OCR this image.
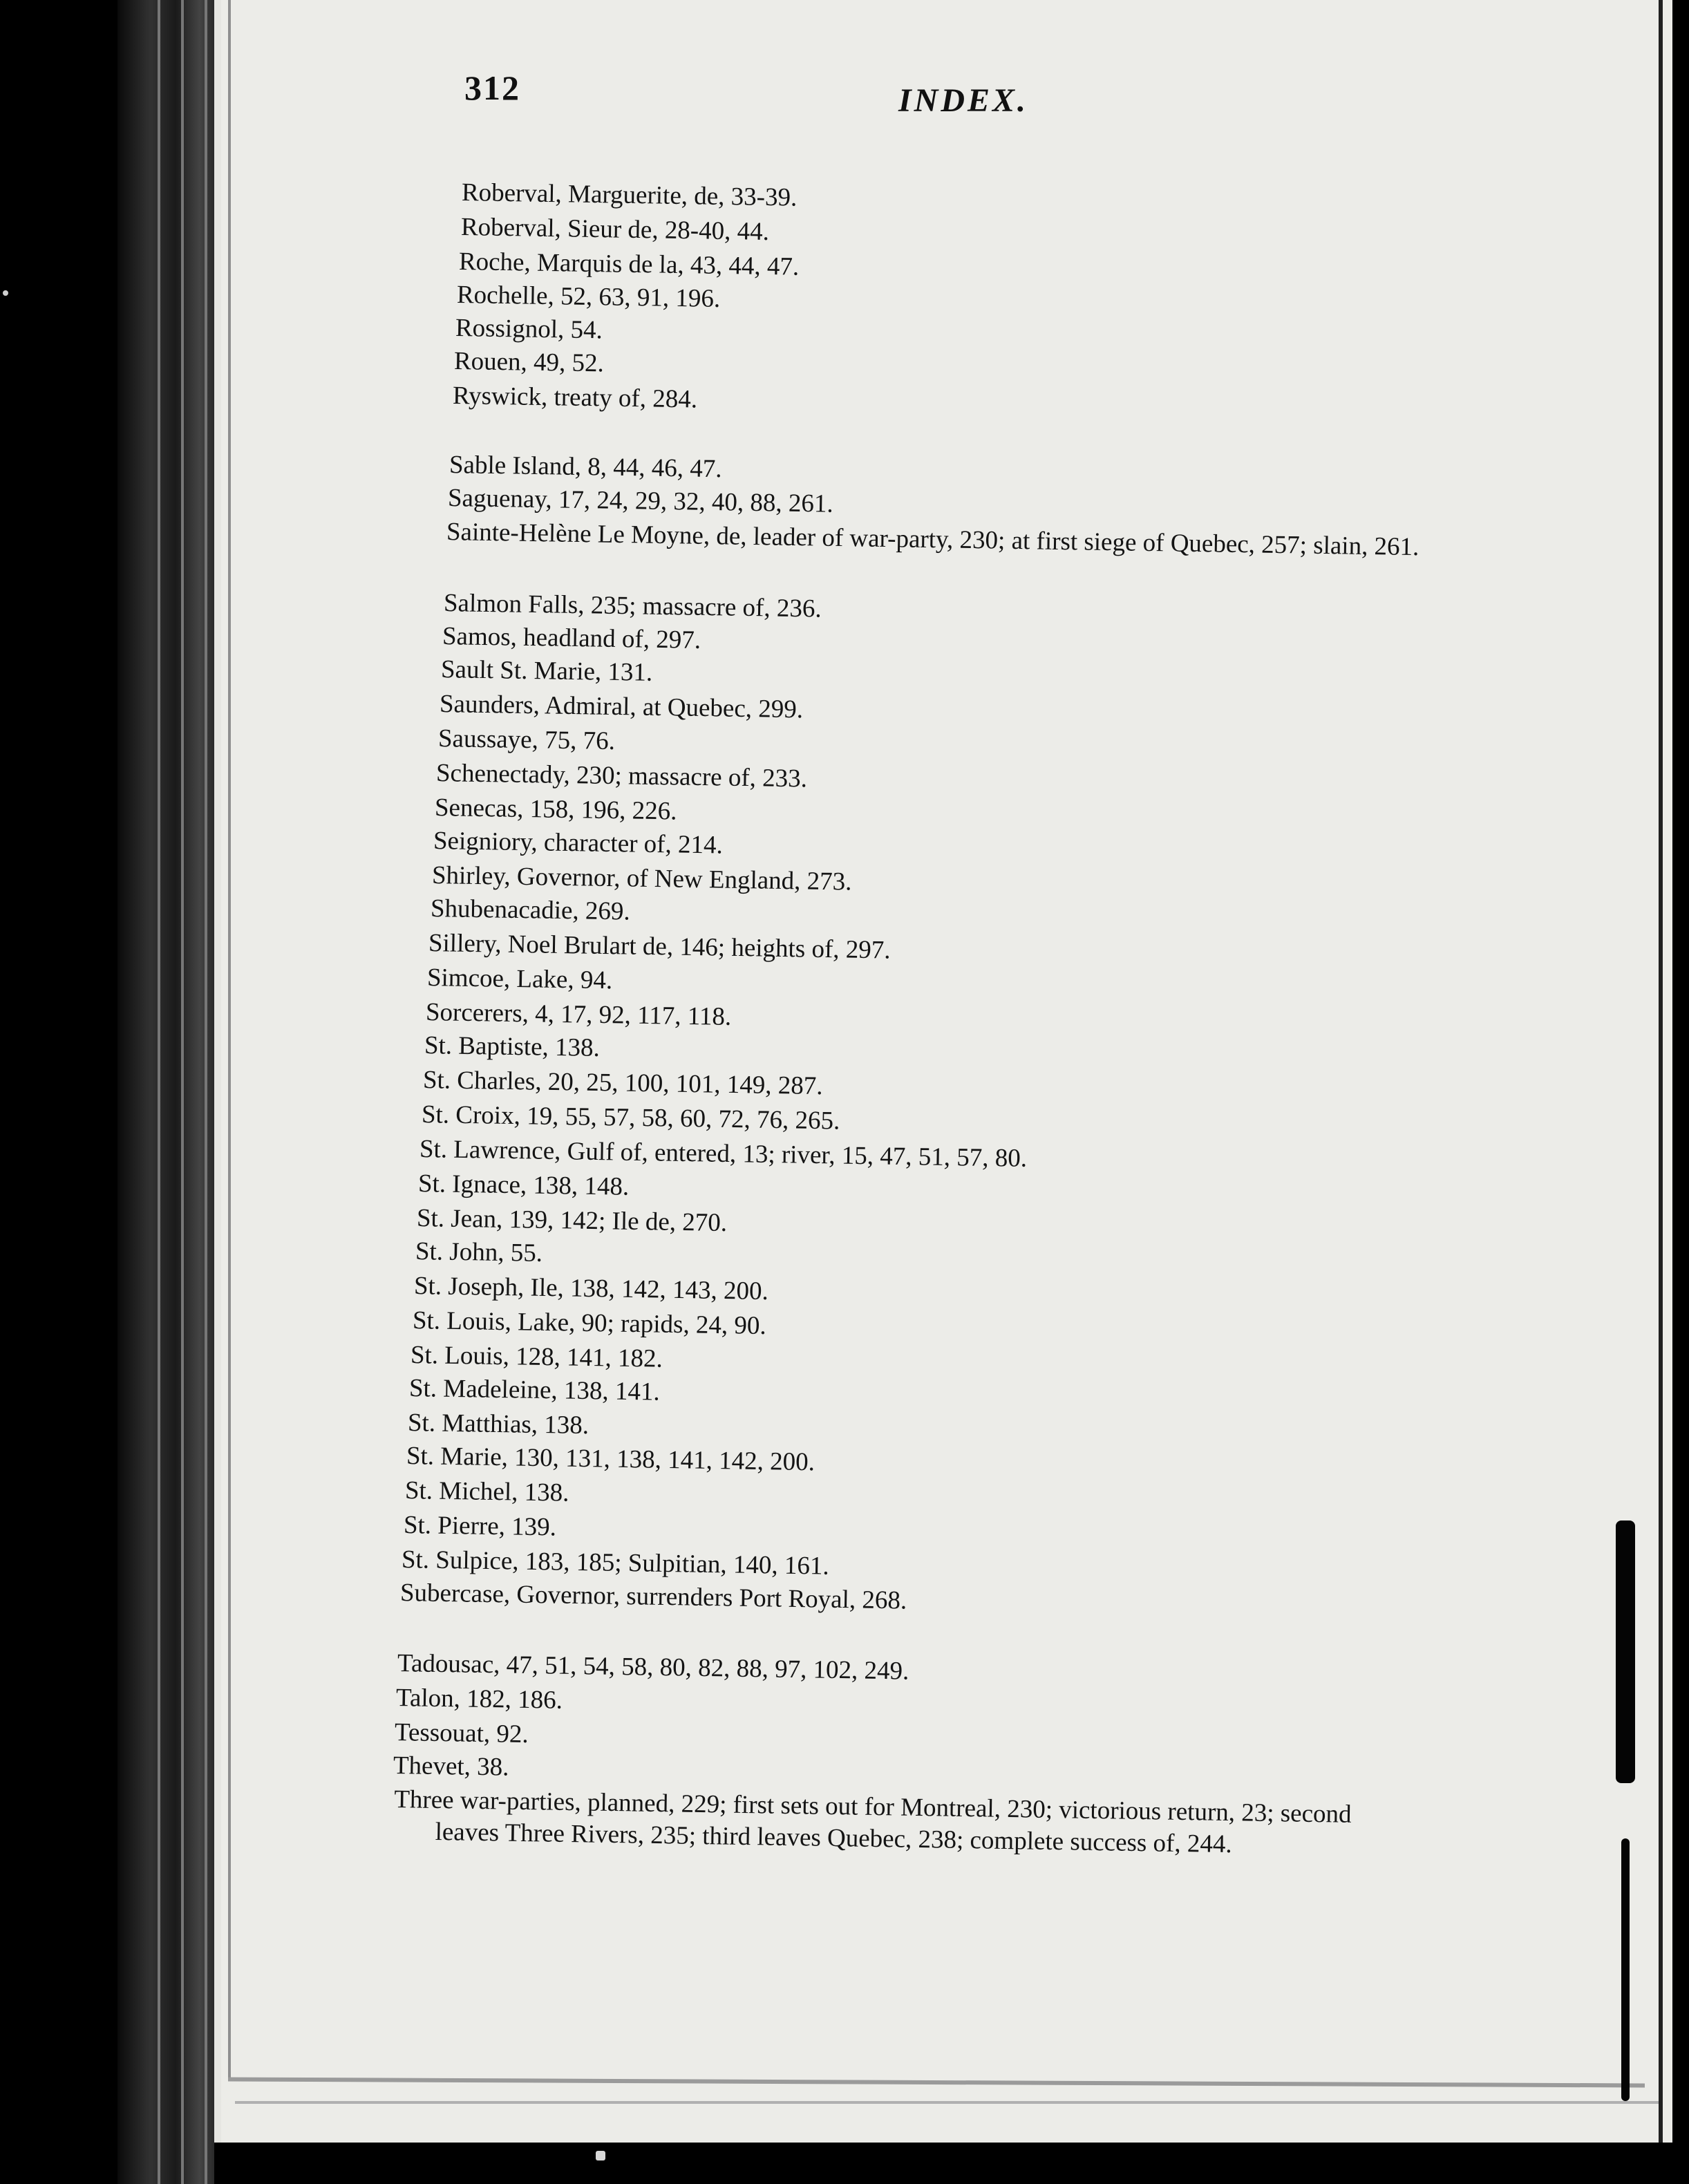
312	INDEX.
Roberval, Marguerite, de, 33-39.
Roberval, Sieur de, 28-40, 44.
Roche, Marquis de la, 43, 44, 47.
Rochelle, 52, 63, 91, 196.
Rossignol, 54.
Rouen, 49, 52.
Ryswick, treaty of, 284.
Sable Island, 8, 44, 46, 47.
Saguenay, 17, 24, 29, 32, 40, 88, 261.
Sainte-Helène Le Moyne, de, leader of war-party, 230; at first siege of Quebec, 257; slain, 261.
Salmon Falls, 235; massacre of, 236.
Samos, headland of, 297.
Sault St. Marie, 131.
Saunders, Admiral, at Quebec, 299.
Saussaye, 75, 76.
Schenectady, 230; massacre of, 233.
Senecas, 158, 196, 226.
Seigniory, character of, 214.
Shirley, Governor, of New England, 273.
Shubenacadie, 269.
Sillery, Noel Brulart de, 146; heights of, 297.
Simcoe, Lake, 94.
Sorcerers, 4, 17, 92, 117, 118.
St. Baptiste, 138.
St. Charles, 20, 25, 100, 101, 149, 287.
St. Croix, 19, 55, 57, 58, 60, 72, 76, 265.
St. Lawrence, Gulf of, entered, 13; river, 15, 47, 51, 57, 80.
St. Ignace, 138, 148.
St. Jean, 139, 142; Ile de, 270.
St. John, 55.
St. Joseph, Ile, 138, 142, 143, 200.
St. Louis, Lake, 90; rapids, 24, 90.
St. Louis, 128, 141, 182.
St. Madeleine, 138, 141.
St. Matthias, 138.
St. Marie, 130, 131, 138, 141, 142, 200.
St. Michel, 138.
St. Pierre, 139.
St. Sulpice, 183, 185; Sulpitian, 140, 161.
Subercase, Governor, surrenders Port Royal, 268.
Tadousac, 47, 51, 54, 58, 80, 82, 88, 97, 102, 249.
Talon, 182, 186.
Tessouat, 92.
Thevet, 38.
Three war-parties, planned, 229; first sets out for Montreal, 230; victorious return, 23; second leaves Three Rivers, 235; third leaves Quebec, 238; complete success of, 244.
